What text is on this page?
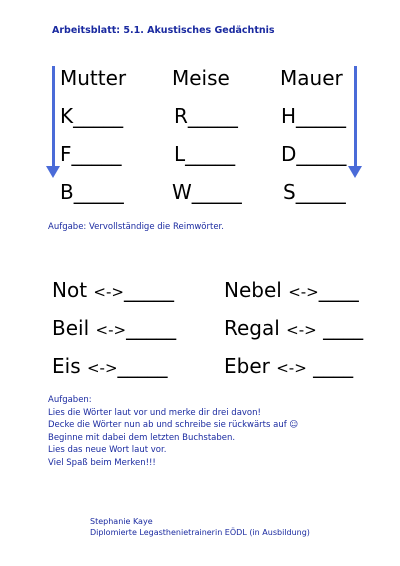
Arbeitsblatt: 5.1. Akustisches Gedächtnis
Mutter Meise	Mauer
K_____	R_____ H_____
F_____	L_____ D_____
B_____ W_____ S_____
Aufgabe: Vervollständige die Reimwörter.
Not <->_____	Nebel <->____
Beil <->_____ Regal <-> ____
Eis <->_____	Eber <-> ____
Aufgaben:
Lies die Wörter laut vor und merke dir drei davon!
Decke die Wörter nun ab und schreibe sie rückwärts auf ☺
Beginne mit dabei dem letzten Buchstaben.
Lies das neue Wort laut vor.
Viel Spaß beim Merken!!!
Stephanie Kaye
Diplomierte Legasthenietrainerin EÖDL (in Ausbildung)
